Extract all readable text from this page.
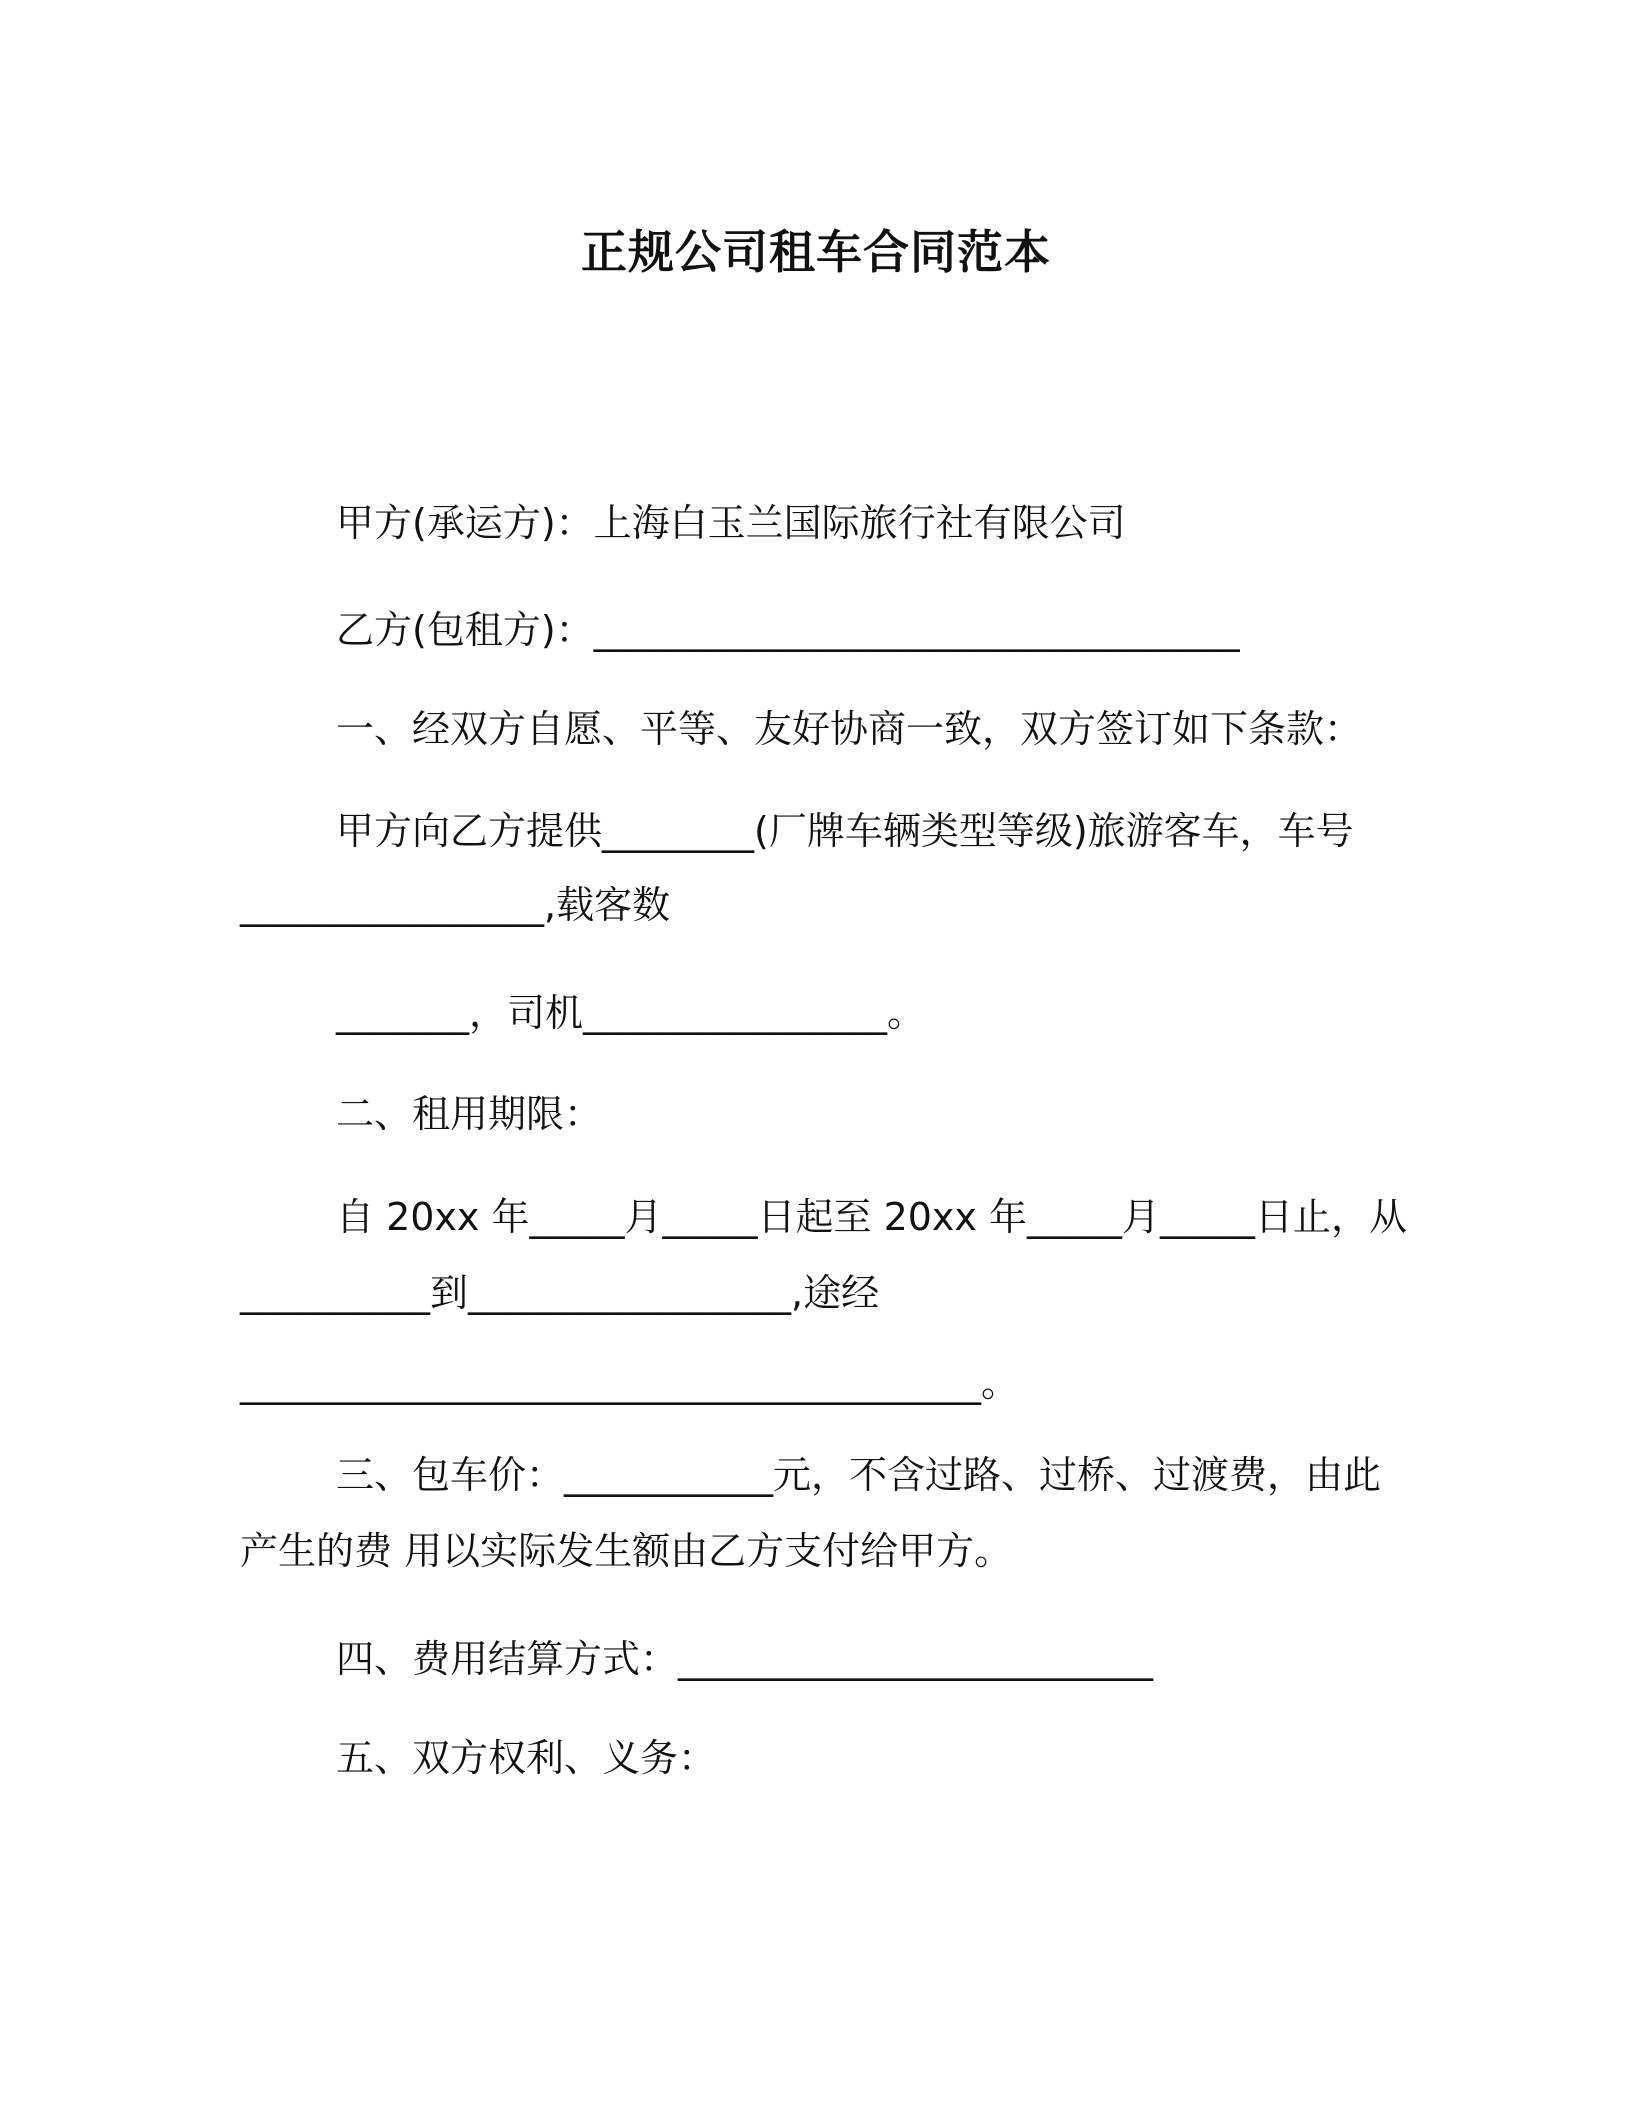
正规公司租车合同范本
甲方(承运方)：上海白玉兰国际旅行社有限公司
乙方(包租方)：__________________________________
一、经双方自愿、平等、友好协商一致，双方签订如下条款：
甲方向乙方提供________(厂牌车辆类型等级)旅游客车，车号
________________,载客数
_______，司机________________。
二、租用期限：
自 20xx 年_____月_____日起至 20xx 年_____月_____日止，从
__________到_________________,途经
_______________________________________。
三、包车价：___________元，不含过路、过桥、过渡费，由此
产生的费 用以实际发生额由乙方支付给甲方。
四、费用结算方式：_________________________
五、双方权利、义务：
